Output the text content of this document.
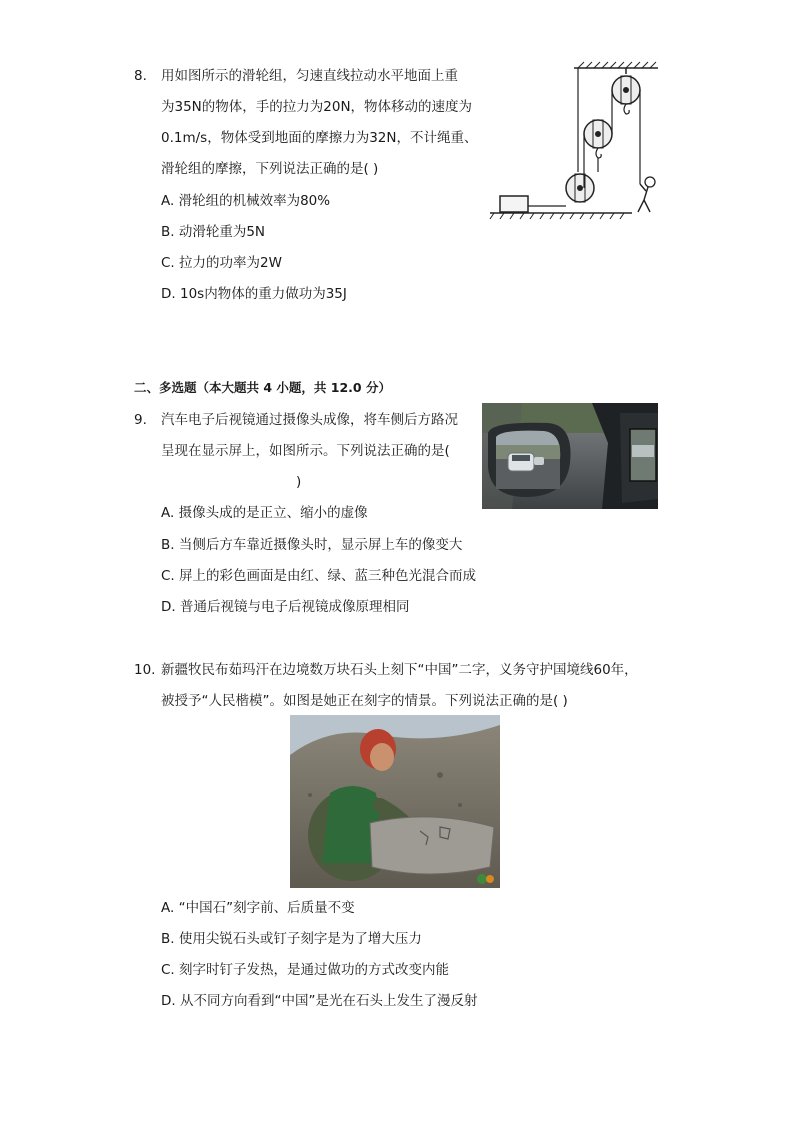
8. 用如图所示的滑轮组，匀速直线拉动水平地面上重
为35N的物体，手的拉力为20N，物体移动的速度为
0.1m/s，物体受到地面的摩擦力为32N，不计绳重、
滑轮组的摩擦，下列说法正确的是( )
A. 滑轮组的机械效率为80%
B. 动滑轮重为5N
C. 拉力的功率为2W
D. 10s内物体的重力做功为35J
二、多选题（本大题共 4 小题，共 12.0 分）
9. 汽车电子后视镜通过摄像头成像，将车侧后方路况
呈现在显示屏上，如图所示。下列说法正确的是(
)
A. 摄像头成的是正立、缩小的虚像
B. 当侧后方车靠近摄像头时，显示屏上车的像变大
C. 屏上的彩色画面是由红、绿、蓝三种色光混合而成
D. 普通后视镜与电子后视镜成像原理相同
10. 新疆牧民布茹玛汗在边境数万块石头上刻下“中国”二字，义务守护国境线60年，
被授予“人民楷模”。如图是她正在刻字的情景。下列说法正确的是( )
A. “中国石”刻字前、后质量不变
B. 使用尖锐石头或钉子刻字是为了增大压力
C. 刻字时钉子发热，是通过做功的方式改变内能
D. 从不同方向看到“中国”是光在石头上发生了漫反射
